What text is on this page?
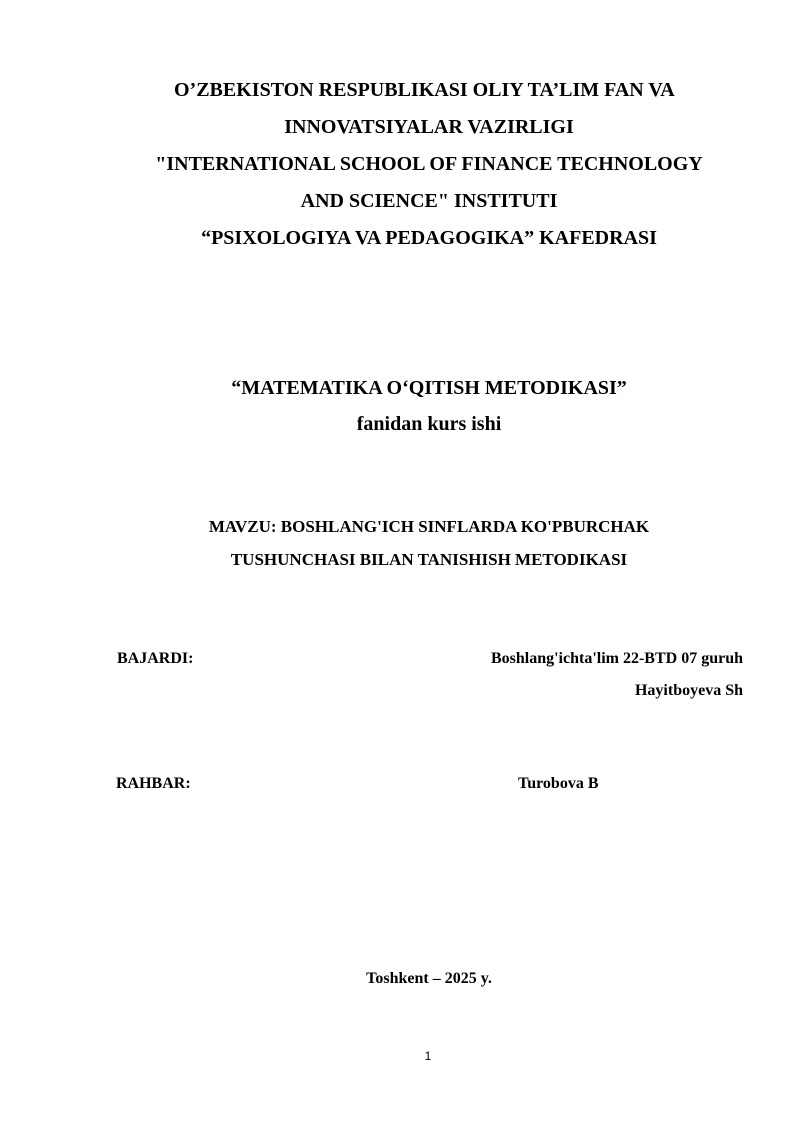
O’ZBEKISTON RESPUBLIKASI OLIY TA’LIM FAN VA
INNOVATSIYALAR VAZIRLIGI
"INTERNATIONAL SCHOOL OF FINANCE TECHNOLOGY
AND SCIENCE" INSTITUTI
“PSIXOLOGIYA VA PEDAGOGIKA” KAFEDRASI
“MATEMATIKA O‘QITISH METODIKASI”
fanidan kurs ishi
MAVZU: BOSHLANG'ICH SINFLARDA KO'PBURCHAK
TUSHUNCHASI BILAN TANISHISH METODIKASI
BAJARDI:	Boshlang'ichta'lim 22-BTD 07 guruh
Hayitboyeva Sh
RAHBAR:	Turobova B
Toshkent – 2025 y.
1
